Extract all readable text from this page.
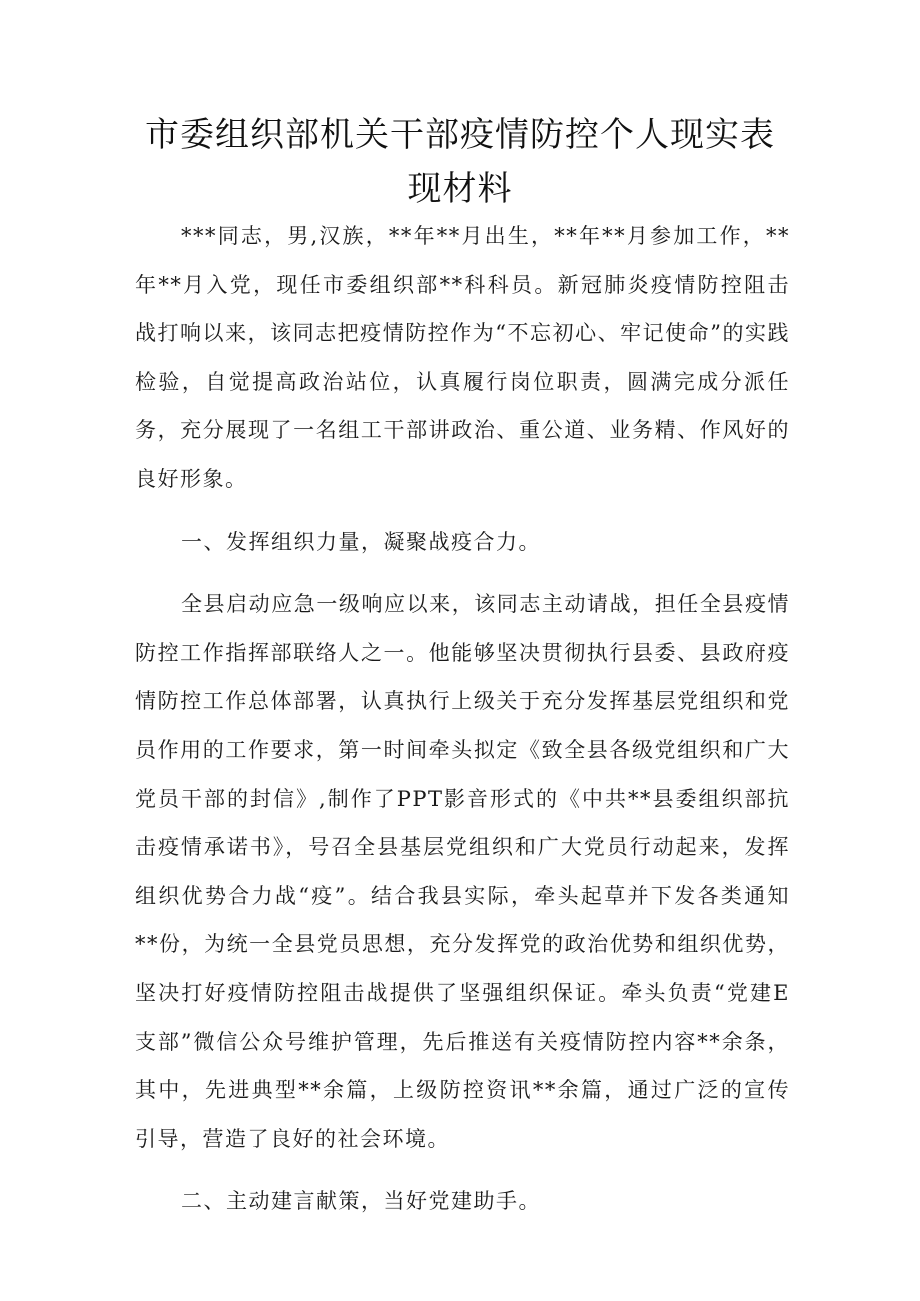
市委组织部机关干部疫情防控个人现实表现材料

***同志，男,汉族，**年**月出生，**年**月参加工作，**年**月入党，现任市委组织部**科科员。新冠肺炎疫情防控阻击战打响以来，该同志把疫情防控作为“不忘初心、牢记使命”的实践检验，自觉提高政治站位，认真履行岗位职责，圆满完成分派任务，充分展现了一名组工干部讲政治、重公道、业务精、作风好的良好形象。

一、发挥组织力量，凝聚战疫合力。

全县启动应急一级响应以来，该同志主动请战，担任全县疫情防控工作指挥部联络人之一。他能够坚决贯彻执行县委、县政府疫情防控工作总体部署，认真执行上级关于充分发挥基层党组织和党员作用的工作要求，第一时间牵头拟定《致全县各级党组织和广大党员干部的封信》,制作了PPT影音形式的《中共**县委组织部抗击疫情承诺书》，号召全县基层党组织和广大党员行动起来，发挥组织优势合力战“疫”。结合我县实际，牵头起草并下发各类通知**份，为统一全县党员思想，充分发挥党的政治优势和组织优势，坚决打好疫情防控阻击战提供了坚强组织保证。牵头负责“党建E支部”微信公众号维护管理，先后推送有关疫情防控内容**余条，其中，先进典型**余篇，上级防控资讯**余篇，通过广泛的宣传引导，营造了良好的社会环境。

二、主动建言献策，当好党建助手。
